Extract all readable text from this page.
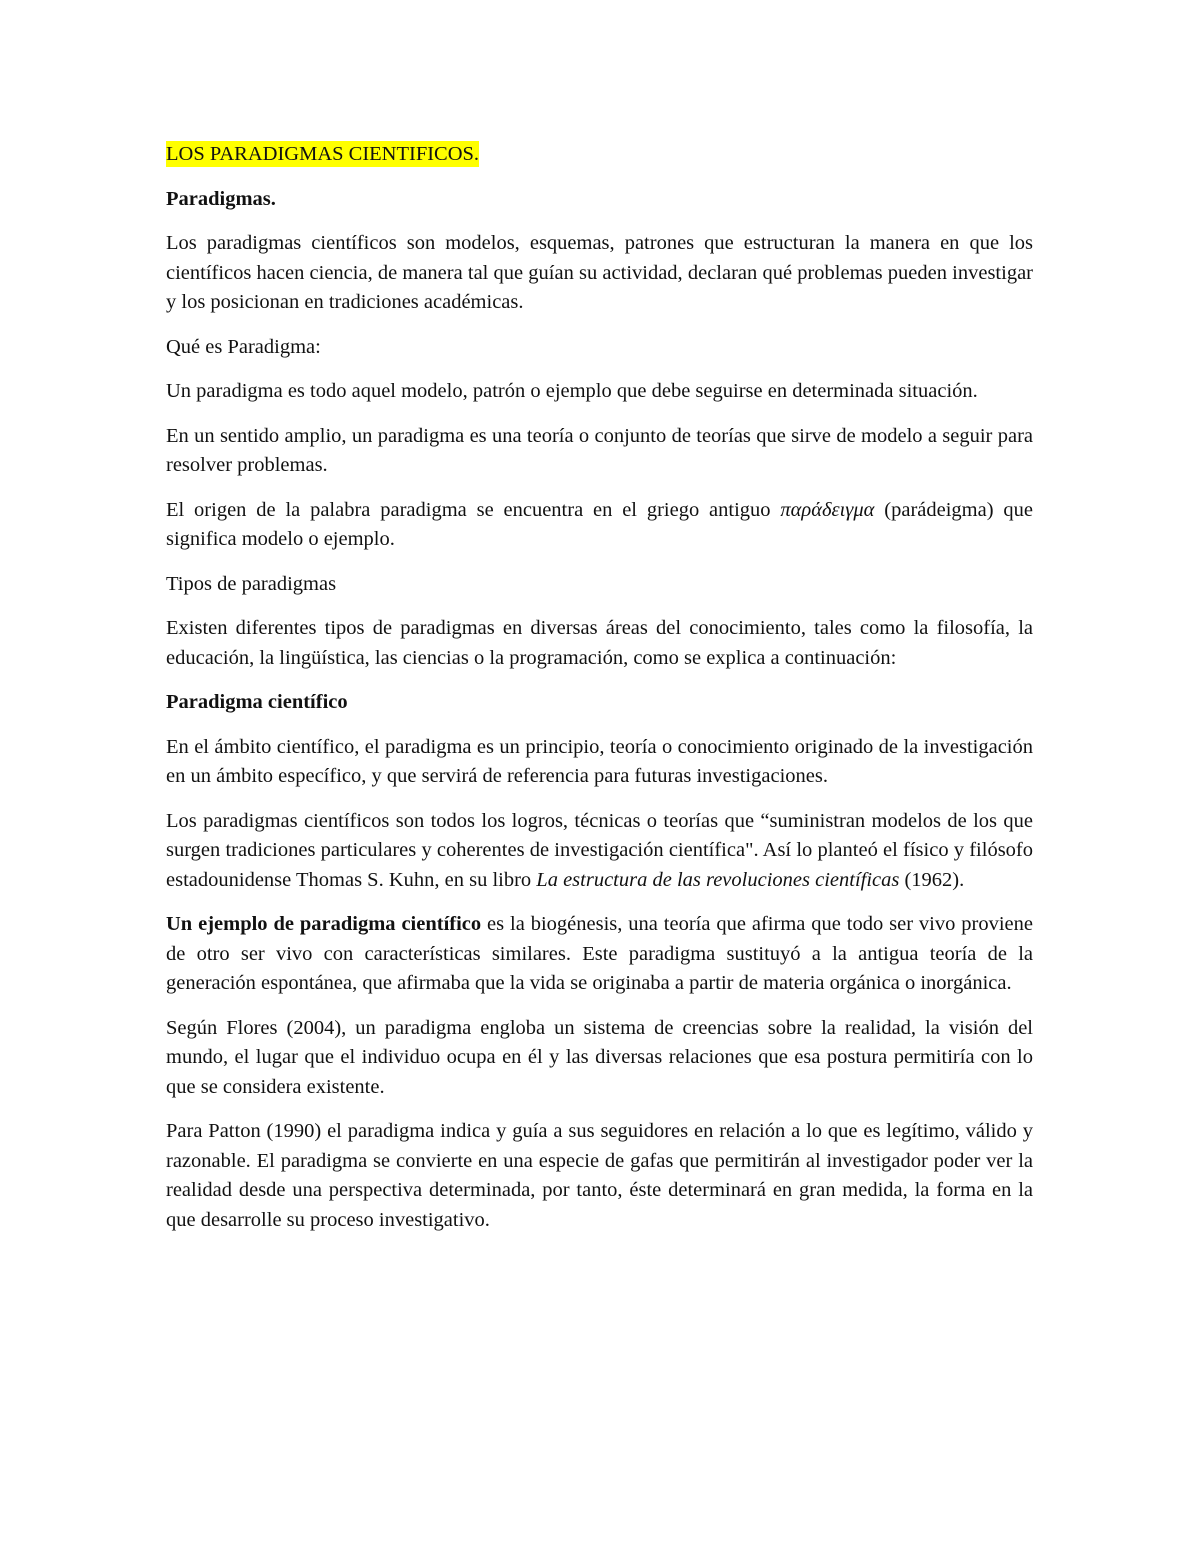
LOS PARADIGMAS CIENTIFICOS.
Paradigmas.

Los paradigmas científicos son modelos, esquemas, patrones que estructuran la manera en que los científicos hacen ciencia, de manera tal que guían su actividad, declaran qué problemas pueden investigar y los posicionan en tradiciones académicas.

Qué es Paradigma:

Un paradigma es todo aquel modelo, patrón o ejemplo que debe seguirse en determinada situación.

En un sentido amplio, un paradigma es una teoría o conjunto de teorías que sirve de modelo a seguir para resolver problemas.

El origen de la palabra paradigma se encuentra en el griego antiguo παράδειγμα (parádeigma) que significa modelo o ejemplo.

Tipos de paradigmas

Existen diferentes tipos de paradigmas en diversas áreas del conocimiento, tales como la filosofía, la educación, la lingüística, las ciencias o la programación, como se explica a continuación:

Paradigma científico

En el ámbito científico, el paradigma es un principio, teoría o conocimiento originado de la investigación en un ámbito específico, y que servirá de referencia para futuras investigaciones.

Los paradigmas científicos son todos los logros, técnicas o teorías que “suministran modelos de los que surgen tradiciones particulares y coherentes de investigación científica". Así lo planteó el físico y filósofo estadounidense Thomas S. Kuhn, en su libro La estructura de las revoluciones científicas (1962).

Un ejemplo de paradigma científico es la biogénesis, una teoría que afirma que todo ser vivo proviene de otro ser vivo con características similares. Este paradigma sustituyó a la antigua teoría de la generación espontánea, que afirmaba que la vida se originaba a partir de materia orgánica o inorgánica.

Según Flores (2004), un paradigma engloba un sistema de creencias sobre la realidad, la visión del mundo, el lugar que el individuo ocupa en él y las diversas relaciones que esa postura permitiría con lo que se considera existente.

Para Patton (1990) el paradigma indica y guía a sus seguidores en relación a lo que es legítimo, válido y razonable. El paradigma se convierte en una especie de gafas que permitirán al investigador poder ver la realidad desde una perspectiva determinada, por tanto, éste determinará en gran medida, la forma en la que desarrolle su proceso investigativo.
